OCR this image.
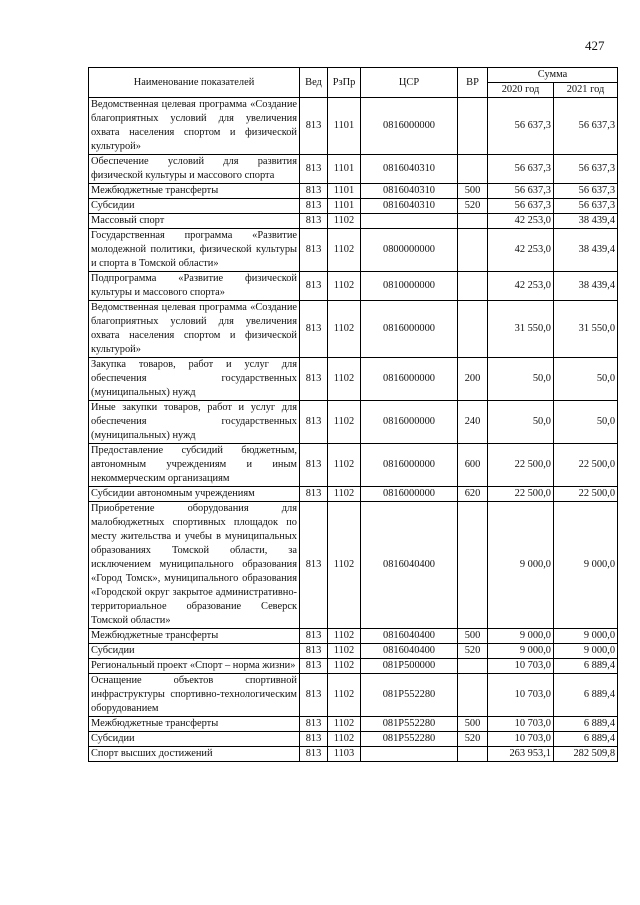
427
Наименование показателей	Вед	РзПр	ЦСР	ВР	Сумма	
					2020 год	2021 год
Ведомственная целевая программа «Создание благоприятных условий для увеличения охвата населения спортом и физической культурой»	813	1101	0816000000		56 637,3	56 637,3
Обеспечение условий для развития физической культуры и массового спорта	813	1101	0816040310		56 637,3	56 637,3
Межбюджетные трансферты	813	1101	0816040310	500	56 637,3	56 637,3
Субсидии	813	1101	0816040310	520	56 637,3	56 637,3
Массовый спорт	813	1102			42 253,0	38 439,4
Государственная программа «Развитие молодежной политики, физической культуры и спорта в Томской области»	813	1102	0800000000		42 253,0	38 439,4
Подпрограмма «Развитие физической культуры и массового спорта»	813	1102	0810000000		42 253,0	38 439,4
Ведомственная целевая программа «Создание благоприятных условий для увеличения охвата населения спортом и физической культурой»	813	1102	0816000000		31 550,0	31 550,0
Закупка товаров, работ и услуг для обеспечения государственных (муниципальных) нужд	813	1102	0816000000	200	50,0	50,0
Иные закупки товаров, работ и услуг для обеспечения государственных (муниципальных) нужд	813	1102	0816000000	240	50,0	50,0
Предоставление субсидий бюджетным, автономным учреждениям и иным некоммерческим организациям	813	1102	0816000000	600	22 500,0	22 500,0
Субсидии автономным учреждениям	813	1102	0816000000	620	22 500,0	22 500,0
Приобретение оборудования для малобюджетных спортивных площадок по месту жительства и учебы в муниципальных образованиях Томской области, за исключением муниципального образования «Город Томск», муниципального образования «Городской округ закрытое административно-территориальное образование Северск Томской области»	813	1102	0816040400		9 000,0	9 000,0
Межбюджетные трансферты	813	1102	0816040400	500	9 000,0	9 000,0
Субсидии	813	1102	0816040400	520	9 000,0	9 000,0
Региональный проект «Спорт – норма жизни»	813	1102	081P500000		10 703,0	6 889,4
Оснащение объектов спортивной инфраструктуры спортивно-технологическим оборудованием	813	1102	081P552280		10 703,0	6 889,4
Межбюджетные трансферты	813	1102	081P552280	500	10 703,0	6 889,4
Субсидии	813	1102	081P552280	520	10 703,0	6 889,4
Спорт высших достижений	813	1103			263 953,1	282 509,8
